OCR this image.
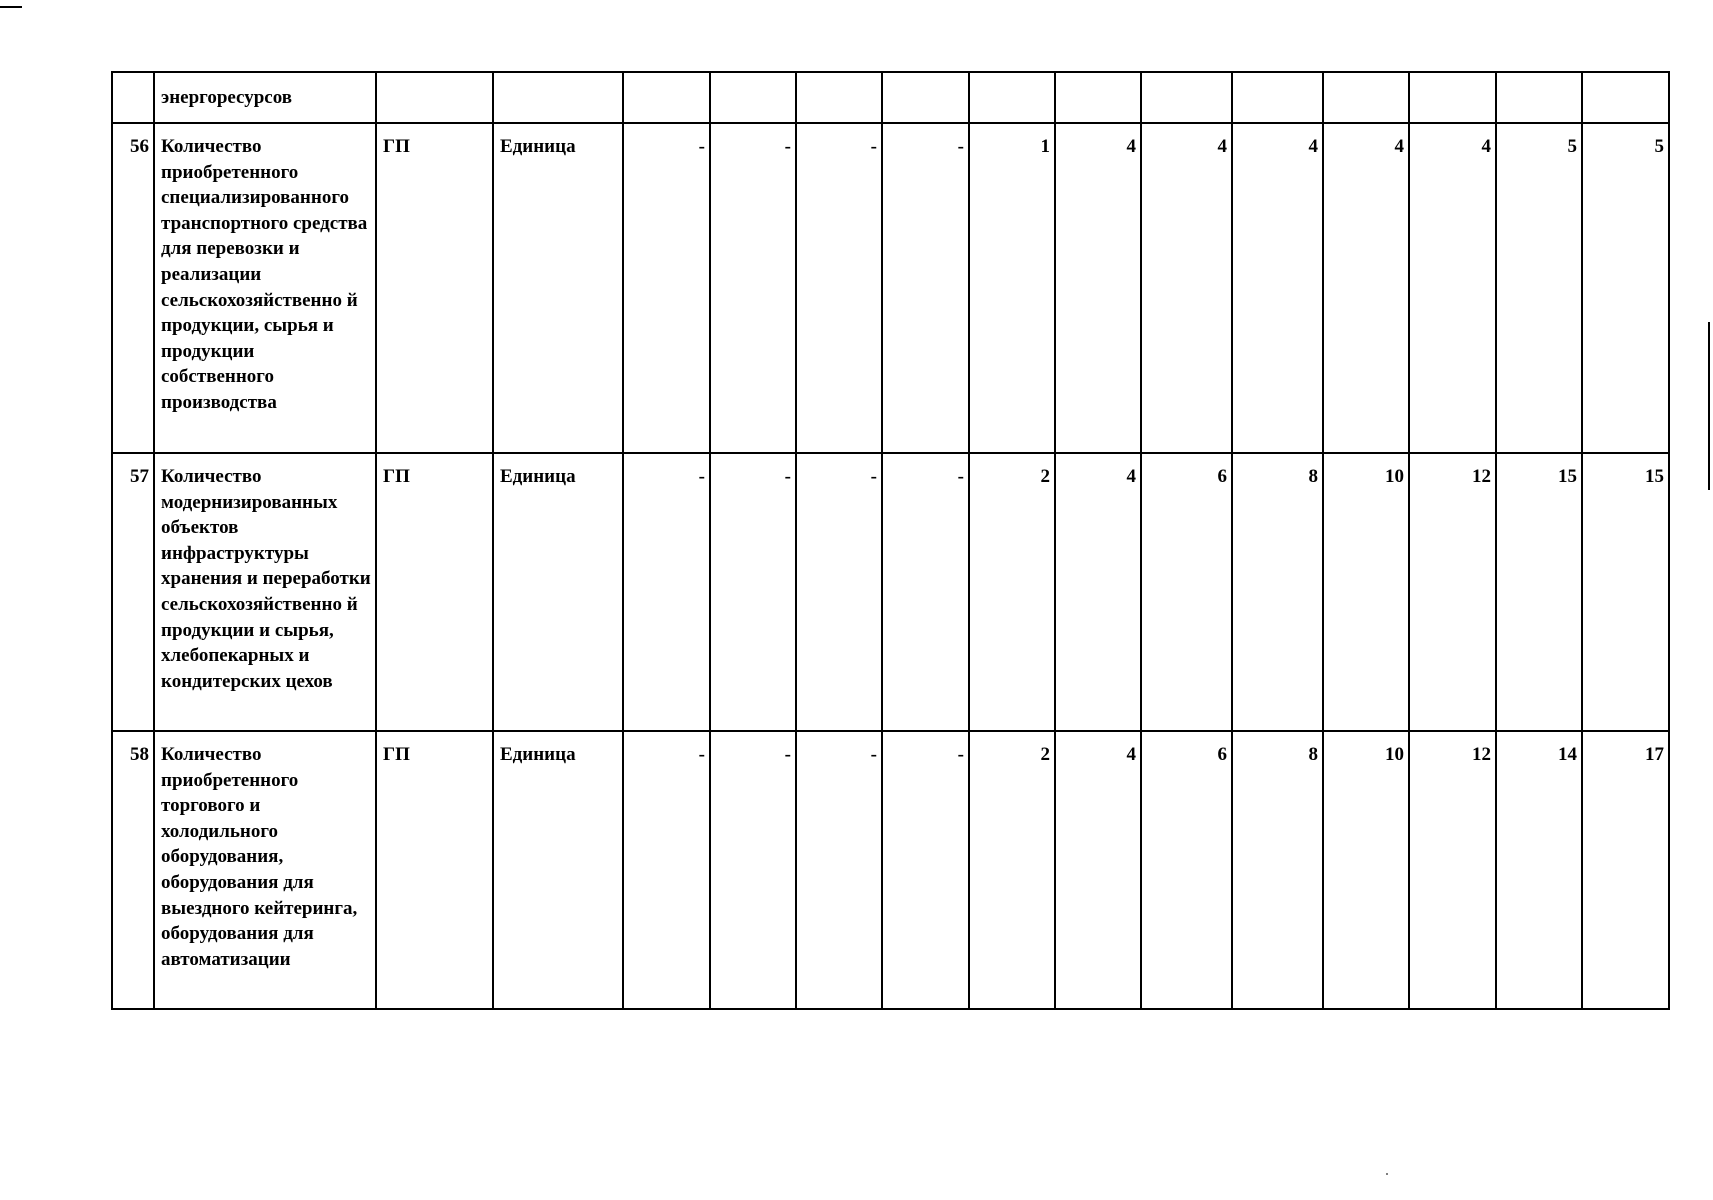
	энергоресурсов														
56	Количество приобретенного специализированного транспортного средства для перевозки и реализации сельскохозяйственно й продукции, сырья и продукции собственного производства	ГП	Единица	-	-	-	-	1	4	4	4	4	4	5	5
57	Количество модернизированных объектов инфраструктуры хранения и переработки сельскохозяйственно й продукции и сырья, хлебопекарных и кондитерских цехов	ГП	Единица	-	-	-	-	2	4	6	8	10	12	15	15
58	Количество приобретенного торгового и холодильного оборудования, оборудования для выездного кейтеринга, оборудования для автоматизации	ГП	Единица	-	-	-	-	2	4	6	8	10	12	14	17
